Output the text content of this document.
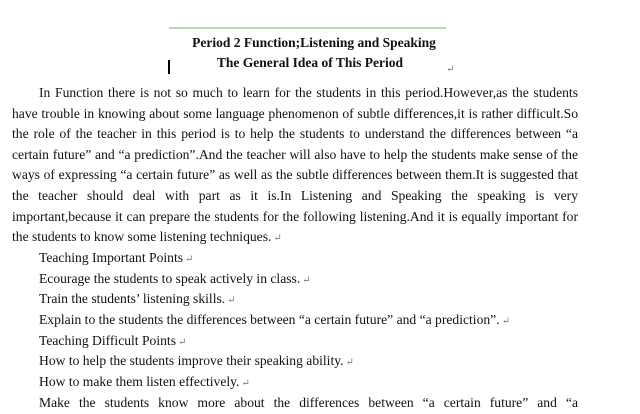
Period 2 Function;Listening and Speaking
The General Idea of This Period	↵

In Function there is not so much to learn for the students in this period.However,as the students have trouble in knowing about some language phenomenon of subtle differences,it is rather difficult.So the role of the teacher in this period is to help the students to understand the differences between “a certain future” and “a prediction”.And the teacher will also have to help the students make sense of the ways of expressing “a certain future” as well as the subtle differences between them.It is suggested that the teacher should deal with part as it is.In Listening and Speaking the speaking is very important,because it can prepare the students for the following listening.And it is equally important for the students to know some listening techniques. ↵

Teaching Important Points ↵

Ecourage the students to speak actively in class. ↵

Train the students’ listening skills. ↵

Explain to the students the differences between “a certain future” and “a prediction”. ↵

Teaching Difficult Points ↵

How to help the students improve their speaking ability. ↵

How to make them listen effectively. ↵

Make the students know more about the differences between “a certain future” and “a
